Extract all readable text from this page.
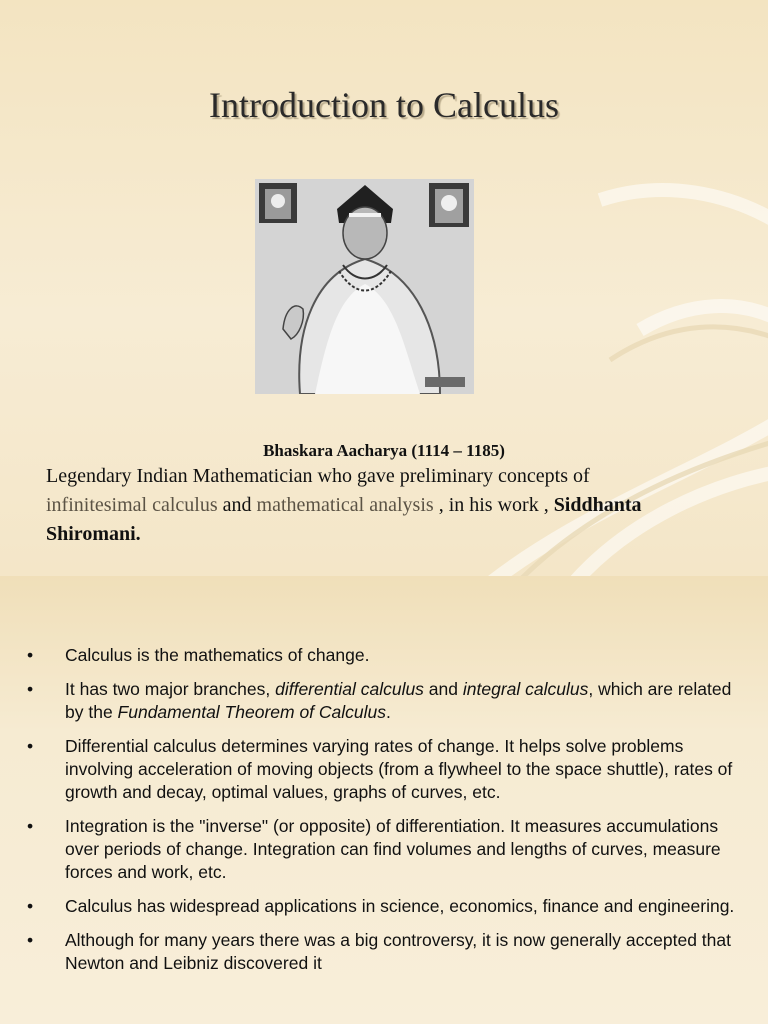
Introduction to Calculus
Bhaskara Aacharya (1114 – 1185)
Legendary Indian Mathematician who gave preliminary concepts of
infinitesimal calculus and mathematical analysis , in his work , Siddhanta Shiromani.
• Calculus is the mathematics of change.
• It has two major branches, differential calculus and integral calculus, which are related by the Fundamental Theorem of Calculus.
• Differential calculus determines varying rates of change. It helps solve problems involving acceleration of moving objects (from a flywheel to the space shuttle), rates of growth and decay, optimal values, graphs of curves, etc.
• Integration is the "inverse" (or opposite) of differentiation. It measures accumulations over periods of change. Integration can find volumes and lengths of curves, measure forces and work, etc.
• Calculus has widespread applications in science, economics, finance and engineering.
• Although for many years there was a big controversy, it is now generally accepted that Newton and Leibniz discovered it
